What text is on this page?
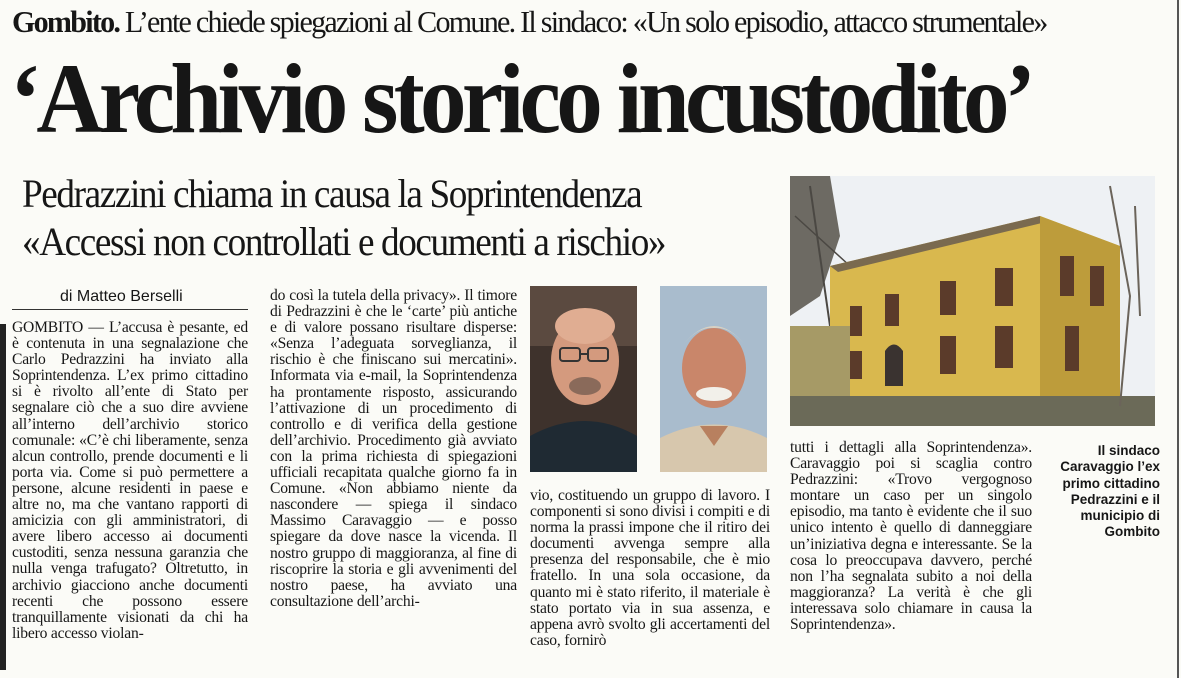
Gombito. L’ente chiede spiegazioni al Comune. Il sindaco: «Un solo episodio, attacco strumentale»
‘Archivio storico incustodito’
Pedrazzini chiama in causa la Soprintendenza
«Accessi non controllati e documenti a rischio»
di Matteo Berselli

GOMBITO — L’accusa è pesante, ed è contenuta in una segnalazione che Carlo Pedrazzini ha inviato alla Soprintendenza. L’ex primo cittadino si è rivolto all’ente di Stato per segnalare ciò che a suo dire avviene all’interno dell’archivio storico comunale: «C’è chi liberamente, senza alcun controllo, prende documenti e li porta via. Come si può permettere a persone, alcune residenti in paese e altre no, ma che vantano rapporti di amicizia con gli amministratori, di avere libero accesso ai documenti custoditi, senza nessuna garanzia che nulla venga trafugato? Oltretutto, in archivio giacciono anche documenti recenti che possono essere tranquillamente visionati da chi ha libero accesso violan-

do così la tutela della privacy». Il timore di Pedrazzini è che le ‘carte’ più antiche e di valore possano risultare disperse: «Senza l’adeguata sorveglianza, il rischio è che finiscano sui mercatini». Informata via e-mail, la Soprintendenza ha prontamente risposto, assicurando l’attivazione di un procedimento di controllo e di verifica della gestione dell’archivio. Procedimento già avviato con la prima richiesta di spiegazioni ufficiali recapitata qualche giorno fa in Comune. «Non abbiamo niente da nascondere — spiega il sindaco Massimo Caravaggio — e posso spiegare da dove nasce la vicenda. Il nostro gruppo di maggioranza, al fine di riscoprire la storia e gli avvenimenti del nostro paese, ha avviato una consultazione dell’archi-

vio, costituendo un gruppo di lavoro. I componenti si sono divisi i compiti e di norma la prassi impone che il ritiro dei documenti avvenga sempre alla presenza del responsabile, che è mio fratello. In una sola occasione, da quanto mi è stato riferito, il materiale è stato portato via in sua assenza, e appena avrò svolto gli accertamenti del caso, fornirò

tutti i dettagli alla Soprintendenza». Caravaggio poi si scaglia contro Pedrazzini: «Trovo vergognoso montare un caso per un singolo episodio, ma tanto è evidente che il suo unico intento è quello di danneggiare un’iniziativa degna e interessante. Se la cosa lo preoccupava davvero, perché non l’ha segnalata subito a noi della maggioranza? La verità è che gli interessava solo chiamare in causa la Soprintendenza».

Il sindaco Caravaggio l’ex primo cittadino Pedrazzini e il municipio di Gombito
